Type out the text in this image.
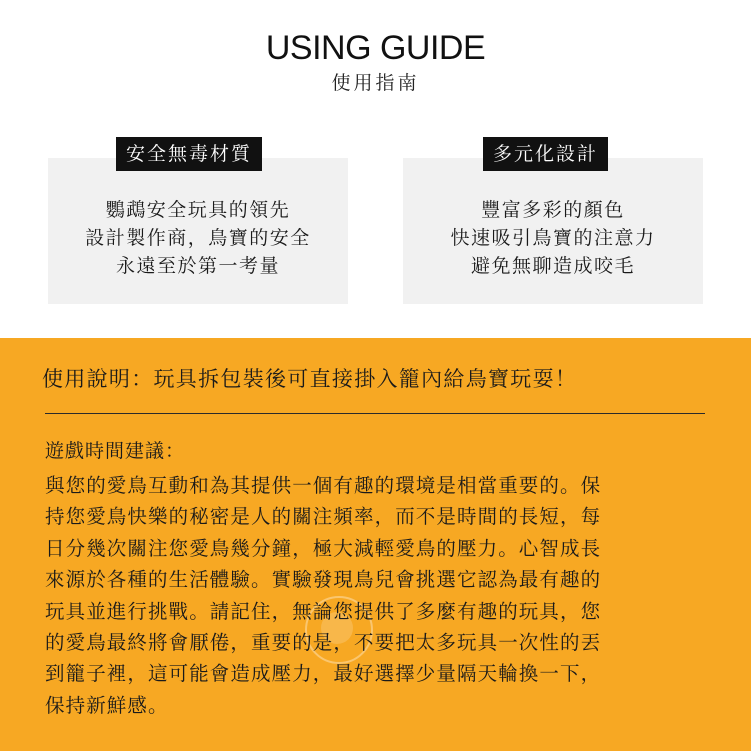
USING GUIDE
使用指南
安全無毒材質
鸚鵡安全玩具的領先
設計製作商，鳥寶的安全
永遠至於第一考量
多元化設計
豐富多彩的顏色
快速吸引鳥寶的注意力
避免無聊造成咬毛
使用說明：玩具拆包裝後可直接掛入籠內給鳥寶玩耍！
遊戲時間建議：
與您的愛鳥互動和為其提供一個有趣的環境是相當重要的。保
持您愛鳥快樂的秘密是人的關注頻率，而不是時間的長短，每
日分幾次關注您愛鳥幾分鐘，極大減輕愛鳥的壓力。心智成長
來源於各種的生活體驗。實驗發現鳥兒會挑選它認為最有趣的
玩具並進行挑戰。請記住，無論您提供了多麼有趣的玩具，您
的愛鳥最終將會厭倦，重要的是，不要把太多玩具一次性的丟
到籠子裡，這可能會造成壓力，最好選擇少量隔天輪換一下，
保持新鮮感。
